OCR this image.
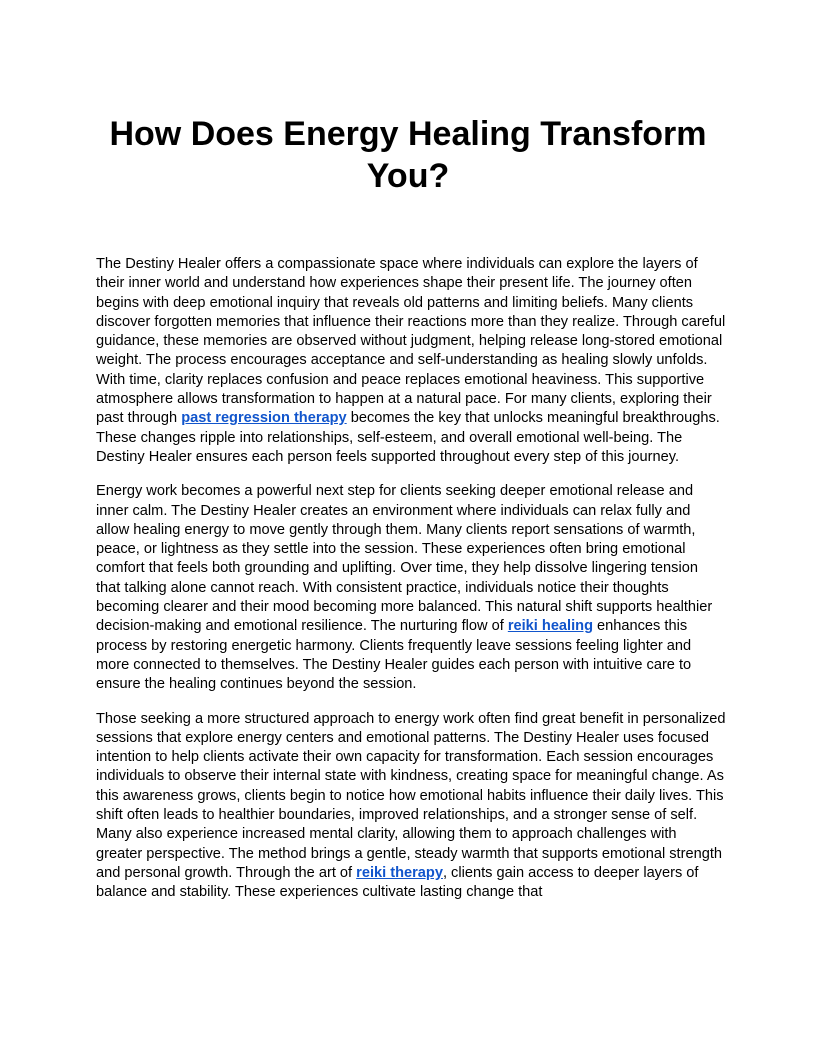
How Does Energy Healing Transform You?

The Destiny Healer offers a compassionate space where individuals can explore the layers of their inner world and understand how experiences shape their present life. The journey often begins with deep emotional inquiry that reveals old patterns and limiting beliefs. Many clients discover forgotten memories that influence their reactions more than they realize. Through careful guidance, these memories are observed without judgment, helping release long-stored emotional weight. The process encourages acceptance and self-understanding as healing slowly unfolds. With time, clarity replaces confusion and peace replaces emotional heaviness. This supportive atmosphere allows transformation to happen at a natural pace. For many clients, exploring their past through past regression therapy becomes the key that unlocks meaningful breakthroughs. These changes ripple into relationships, self-esteem, and overall emotional well-being. The Destiny Healer ensures each person feels supported throughout every step of this journey.

Energy work becomes a powerful next step for clients seeking deeper emotional release and inner calm. The Destiny Healer creates an environment where individuals can relax fully and allow healing energy to move gently through them. Many clients report sensations of warmth, peace, or lightness as they settle into the session. These experiences often bring emotional comfort that feels both grounding and uplifting. Over time, they help dissolve lingering tension that talking alone cannot reach. With consistent practice, individuals notice their thoughts becoming clearer and their mood becoming more balanced. This natural shift supports healthier decision-making and emotional resilience. The nurturing flow of reiki healing enhances this process by restoring energetic harmony. Clients frequently leave sessions feeling lighter and more connected to themselves. The Destiny Healer guides each person with intuitive care to ensure the healing continues beyond the session.

Those seeking a more structured approach to energy work often find great benefit in personalized sessions that explore energy centers and emotional patterns. The Destiny Healer uses focused intention to help clients activate their own capacity for transformation. Each session encourages individuals to observe their internal state with kindness, creating space for meaningful change. As this awareness grows, clients begin to notice how emotional habits influence their daily lives. This shift often leads to healthier boundaries, improved relationships, and a stronger sense of self. Many also experience increased mental clarity, allowing them to approach challenges with greater perspective. The method brings a gentle, steady warmth that supports emotional strength and personal growth. Through the art of reiki therapy, clients gain access to deeper layers of balance and stability. These experiences cultivate lasting change that
